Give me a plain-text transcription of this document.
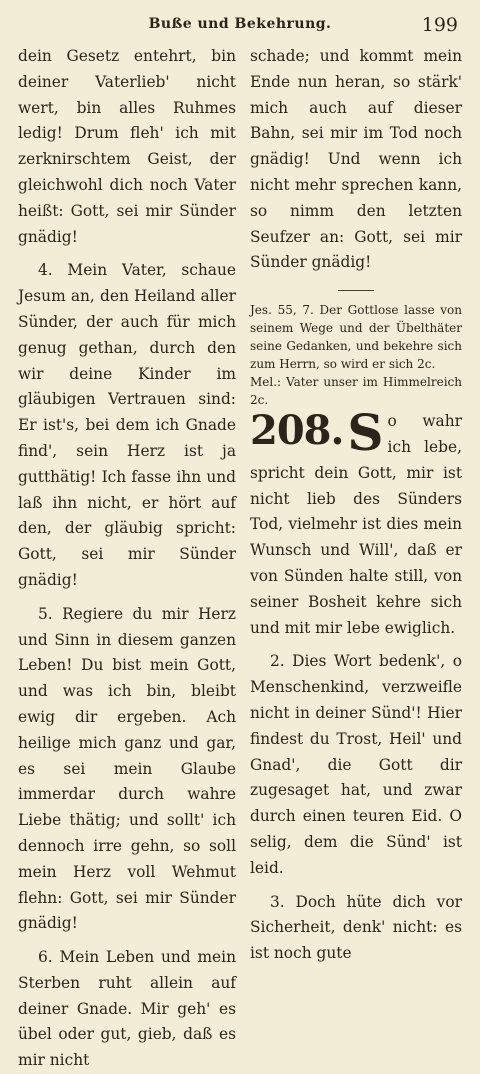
Buße und Bekehrung.	199

dein Gesetz entehrt, bin deiner Vaterlieb' nicht wert, bin alles Ruhmes ledig! Drum fleh' ich mit zerknirschtem Geist, der gleichwohl dich noch Vater heißt: Gott, sei mir Sünder gnädig!

4. Mein Vater, schaue Jesum an, den Heiland aller Sünder, der auch für mich genug gethan, durch den wir deine Kinder im gläubigen Vertrauen sind: Er ist's, bei dem ich Gnade find', sein Herz ist ja gutthätig! Ich fasse ihn und laß ihn nicht, er hört auf den, der gläubig spricht: Gott, sei mir Sünder gnädig!

5. Regiere du mir Herz und Sinn in diesem ganzen Leben! Du bist mein Gott, und was ich bin, bleibt ewig dir ergeben. Ach heilige mich ganz und gar, es sei mein Glaube immerdar durch wahre Liebe thätig; und sollt' ich dennoch irre gehn, so soll mein Herz voll Wehmut flehn: Gott, sei mir Sünder gnädig!

6. Mein Leben und mein Sterben ruht allein auf deiner Gnade. Mir geh' es übel oder gut, gieb, daß es mir nicht

schade; und kommt mein Ende nun heran, so stärk' mich auch auf dieser Bahn, sei mir im Tod noch gnädig! Und wenn ich nicht mehr sprechen kann, so nimm den letzten Seufzer an: Gott, sei mir Sünder gnädig!

Jes. 55, 7. Der Gottlose lasse von seinem Wege und der Übelthäter seine Gedanken, und bekehre sich zum Herrn, so wird er sich 2c.

Mel.: Vater unser im Himmelreich 2c.

208. S o wahr ich lebe, spricht dein Gott, mir ist nicht lieb des Sünders Tod, vielmehr ist dies mein Wunsch und Will', daß er von Sünden halte still, von seiner Bosheit kehre sich und mit mir lebe ewiglich.

2. Dies Wort bedenk', o Menschenkind, verzweifle nicht in deiner Sünd'! Hier findest du Trost, Heil' und Gnad', die Gott dir zugesaget hat, und zwar durch einen teuren Eid. O selig, dem die Sünd' ist leid.

3. Doch hüte dich vor Sicherheit, denk' nicht: es ist noch gute
